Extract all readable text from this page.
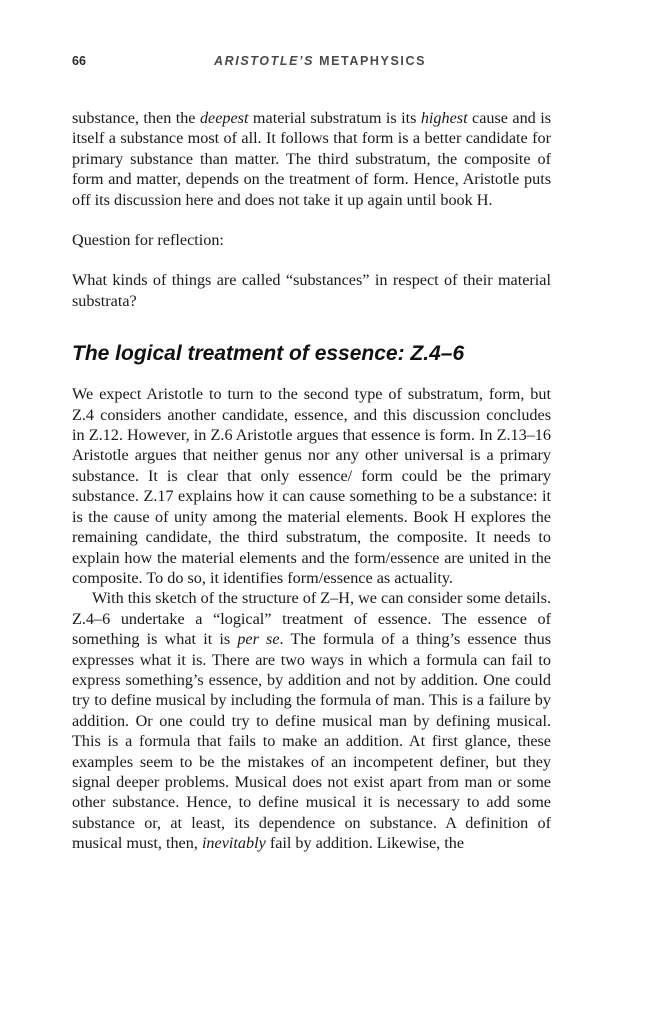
66	ARISTOTLE’S METAPHYSICS

substance, then the deepest material substratum is its highest cause and is itself a substance most of all. It follows that form is a better candidate for primary substance than matter. The third substratum, the composite of form and matter, depends on the treatment of form. Hence, Aristotle puts off its discussion here and does not take it up again until book H.

Question for reflection:

What kinds of things are called “substances” in respect of their material substrata?

The logical treatment of essence: Z.4–6

We expect Aristotle to turn to the second type of substratum, form, but Z.4 considers another candidate, essence, and this discussion concludes in Z.12. However, in Z.6 Aristotle argues that essence is form. In Z.13–16 Aristotle argues that neither genus nor any other universal is a primary substance. It is clear that only essence/ form could be the primary substance. Z.17 explains how it can cause something to be a substance: it is the cause of unity among the material elements. Book H explores the remaining candidate, the third substratum, the composite. It needs to explain how the material elements and the form/essence are united in the composite. To do so, it identifies form/essence as actuality.

With this sketch of the structure of Z–H, we can consider some details. Z.4–6 undertake a “logical” treatment of essence. The essence of something is what it is per se. The formula of a thing’s essence thus expresses what it is. There are two ways in which a formula can fail to express something’s essence, by addition and not by addition. One could try to define musical by including the formula of man. This is a failure by addition. Or one could try to define musical man by defining musical. This is a formula that fails to make an addition. At first glance, these examples seem to be the mistakes of an incompetent definer, but they signal deeper problems. Musical does not exist apart from man or some other substance. Hence, to define musical it is necessary to add some substance or, at least, its dependence on substance. A definition of musical must, then, inevitably fail by addition. Likewise, the
